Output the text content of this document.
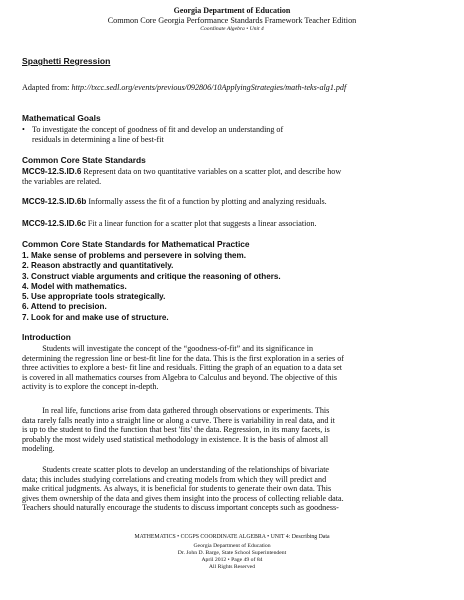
Georgia Department of Education
Common Core Georgia Performance Standards Framework Teacher Edition
Coordinate Algebra • Unit 4
Spaghetti Regression
Adapted from: http://txcc.sedl.org/events/previous/092806/10ApplyingStrategies/math-teks-alg1.pdf
Mathematical Goals
• To investigate the concept of goodness of fit and develop an understanding of
residuals in determining a line of best-fit
Common Core State Standards
MCC9-12.S.ID.6 Represent data on two quantitative variables on a scatter plot, and describe how
the variables are related.
MCC9-12.S.ID.6b Informally assess the fit of a function by plotting and analyzing residuals.
MCC9-12.S.ID.6c Fit a linear function for a scatter plot that suggests a linear association.
Common Core State Standards for Mathematical Practice
1. Make sense of problems and persevere in solving them.
2. Reason abstractly and quantitatively.
3. Construct viable arguments and critique the reasoning of others.
4. Model with mathematics.
5. Use appropriate tools strategically.
6. Attend to precision.
7. Look for and make use of structure.
Introduction
Students will investigate the concept of the “goodness-of-fit” and its significance in
determining the regression line or best-fit line for the data. This is the first exploration in a series of
three activities to explore a best- fit line and residuals. Fitting the graph of an equation to a data set
is covered in all mathematics courses from Algebra to Calculus and beyond. The objective of this
activity is to explore the concept in-depth.
In real life, functions arise from data gathered through observations or experiments. This
data rarely falls neatly into a straight line or along a curve. There is variability in real data, and it
is up to the student to find the function that best 'fits' the data. Regression, in its many facets, is
probably the most widely used statistical methodology in existence. It is the basis of almost all
modeling.
Students create scatter plots to develop an understanding of the relationships of bivariate
data; this includes studying correlations and creating models from which they will predict and
make critical judgments. As always, it is beneficial for students to generate their own data. This
gives them ownership of the data and gives them insight into the process of collecting reliable data.
Teachers should naturally encourage the students to discuss important concepts such as goodness-
MATHEMATICS • CCGPS COORDINATE ALGEBRA • UNIT 4: Describing Data
Georgia Department of Education
Dr. John D. Barge, State School Superintendent
April 2012 • Page 49 of 84
All Rights Reserved
